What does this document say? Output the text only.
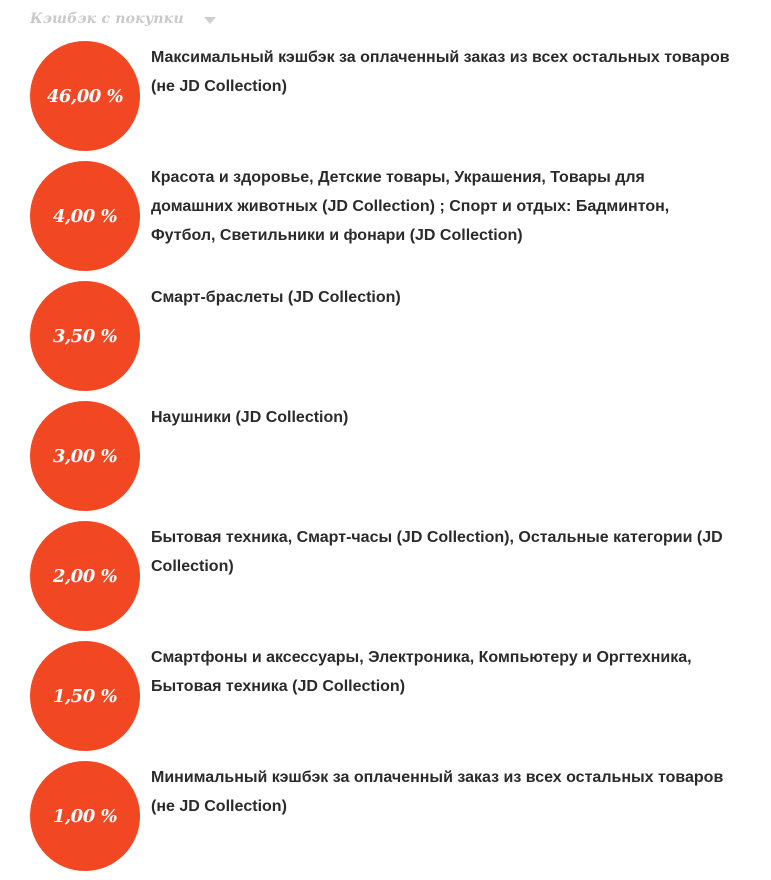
Кэшбэк с покупки
46,00 %
Максимальный кэшбэк за оплаченный заказ из всех остальных товаров (не JD Collection)
4,00 %
Красота и здоровье, Детские товары, Украшения, Товары для домашних животных (JD Collection) ; Спорт и отдых: Бадминтон, Футбол, Светильники и фонари (JD Collection)
3,50 %
Смарт-браслеты (JD Collection)
3,00 %
Наушники (JD Collection)
2,00 %
Бытовая техника, Смарт-часы (JD Collection), Остальные категории (JD Collection)
1,50 %
Смартфоны и аксессуары, Электроника, Компьютеру и Оргтехника, Бытовая техника (JD Collection)
1,00 %
Минимальный кэшбэк за оплаченный заказ из всех остальных товаров (не JD Collection)
